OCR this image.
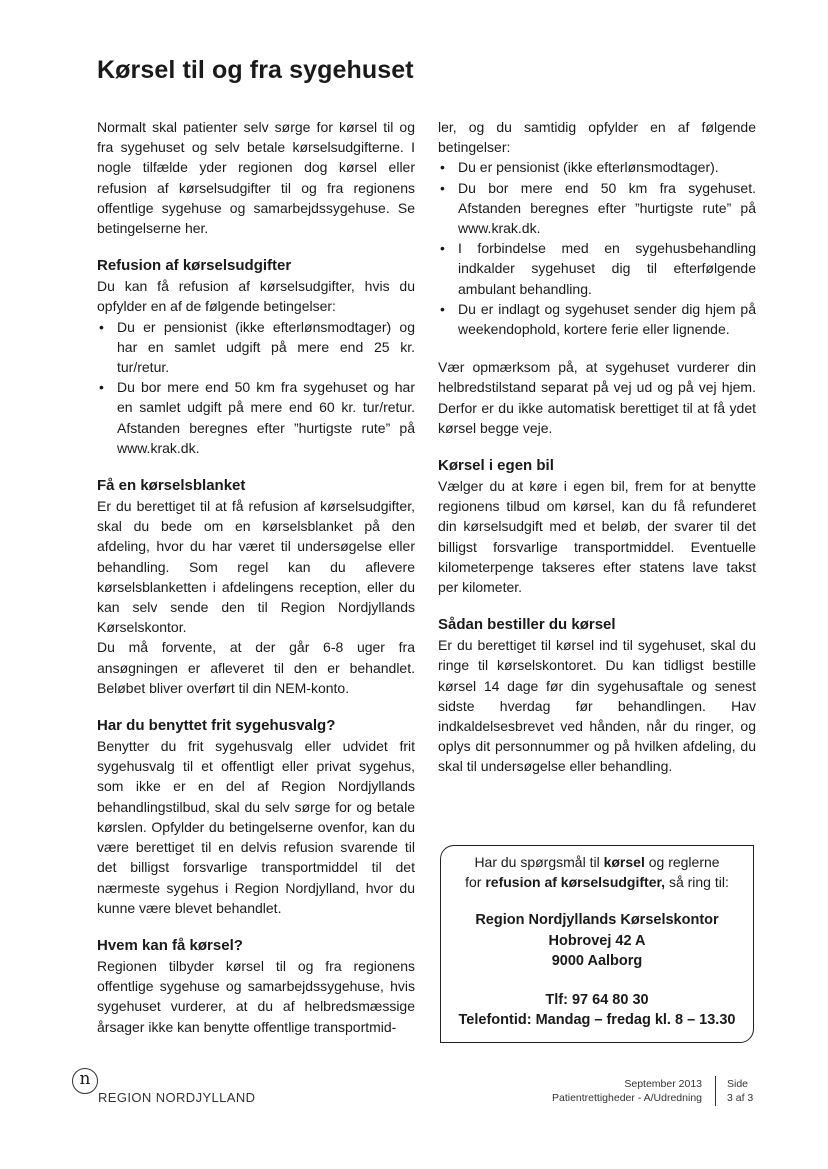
Kørsel til og fra sygehuset

Normalt skal patienter selv sørge for kørsel til og fra sygehuset og selv betale kørselsudgifterne. I nogle tilfælde yder regionen dog kørsel eller refusion af kørselsudgifter til og fra regionens offentlige sygehuse og samarbejdssygehuse. Se betingelserne her.

Refusion af kørselsudgifter

Du kan få refusion af kørselsudgifter, hvis du opfylder en af de følgende betingelser:

• Du er pensionist (ikke efterlønsmodtager) og har en samlet udgift på mere end 25 kr. tur/retur.
• Du bor mere end 50 km fra sygehuset og har en samlet udgift på mere end 60 kr. tur/retur. Afstanden beregnes efter ”hurtigste rute” på www.krak.dk.
Få en kørselsblanket

Er du berettiget til at få refusion af kørselsudgifter, skal du bede om en kørselsblanket på den afdeling, hvor du har været til undersøgelse eller behandling. Som regel kan du aflevere kørselsblanketten i afdelingens reception, eller du kan selv sende den til Region Nordjyllands Kørselskontor.

Du må forvente, at der går 6-8 uger fra ansøgningen er afleveret til den er behandlet. Beløbet bliver overført til din NEM-konto.

Har du benyttet frit sygehusvalg?

Benytter du frit sygehusvalg eller udvidet frit sygehusvalg til et offentligt eller privat sygehus, som ikke er en del af Region Nordjyllands behandlingstilbud, skal du selv sørge for og betale kørslen. Opfylder du betingelserne ovenfor, kan du være berettiget til en delvis refusion svarende til det billigst forsvarlige transportmiddel til det nærmeste sygehus i Region Nordjylland, hvor du kunne være blevet behandlet.

Hvem kan få kørsel?

Regionen tilbyder kørsel til og fra regionens offentlige sygehuse og samarbejdssygehuse, hvis sygehuset vurderer, at du af helbredsmæssige årsager ikke kan benytte offentlige transportmid-

ler, og du samtidig opfylder en af følgende betingelser:

• Du er pensionist (ikke efterlønsmodtager).
• Du bor mere end 50 km fra sygehuset. Afstanden beregnes efter ”hurtigste rute” på www.krak.dk.
• I forbindelse med en sygehusbehandling indkalder sygehuset dig til efterfølgende ambulant behandling.
• Du er indlagt og sygehuset sender dig hjem på weekendophold, kortere ferie eller lignende.

Vær opmærksom på, at sygehuset vurderer din helbredstilstand separat på vej ud og på vej hjem. Derfor er du ikke automatisk berettiget til at få ydet kørsel begge veje.

Kørsel i egen bil

Vælger du at køre i egen bil, frem for at benytte regionens tilbud om kørsel, kan du få refunderet din kørselsudgift med et beløb, der svarer til det billigst forsvarlige transportmiddel. Eventuelle kilometerpenge takseres efter statens lave takst per kilometer.

Sådan bestiller du kørsel

Er du berettiget til kørsel ind til sygehuset, skal du ringe til kørselskontoret. Du kan tidligst bestille kørsel 14 dage før din sygehusaftale og senest sidste hverdag før behandlingen. Hav indkaldelsesbrevet ved hånden, når du ringer, og oplys dit personnummer og på hvilken afdeling, du skal til undersøgelse eller behandling.

Har du spørgsmål til kørsel og reglerne
for refusion af kørselsudgifter, så ring til:
Region Nordjyllands Kørselskontor
Hobrovej 42 A
9000 Aalborg
Tlf: 97 64 80 30
Telefontid: Mandag – fredag kl. 8 – 13.30
n
REGION NORDJYLLAND
September 2013
Patientrettigheder - A/Udredning
Side
3 af 3
